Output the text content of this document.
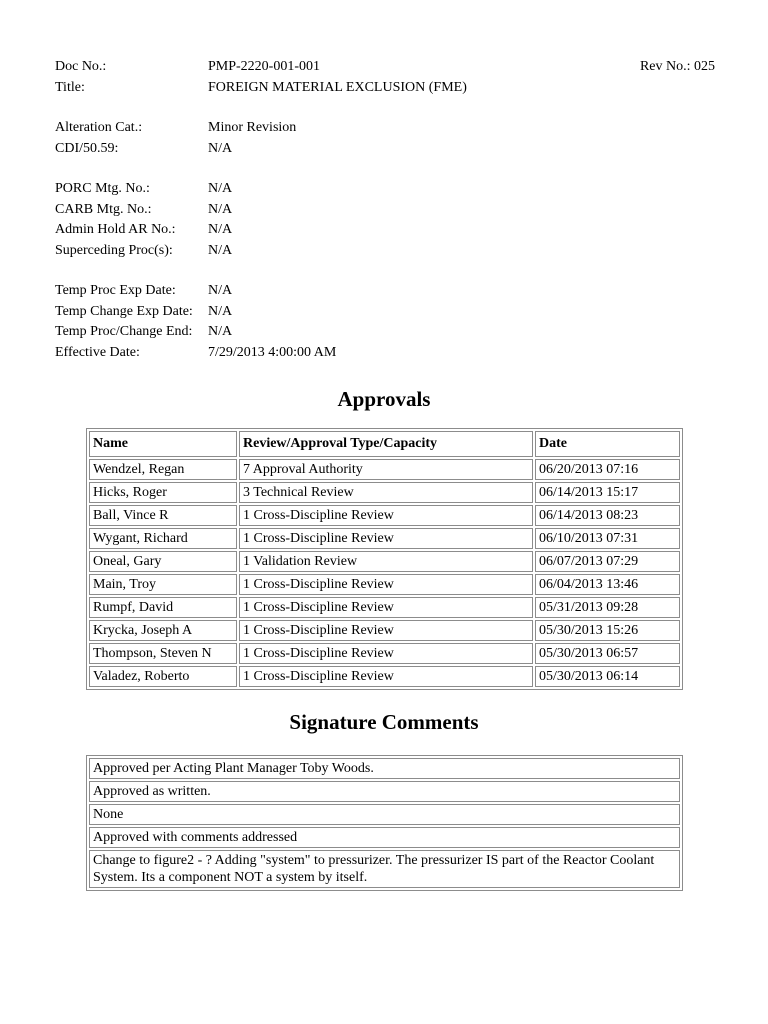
Doc No.:	PMP-2220-001-001	Rev No.: 025
Title:	FOREIGN MATERIAL EXCLUSION (FME)
Alteration Cat.:	Minor Revision
CDI/50.59:	N/A
PORC Mtg. No.:	N/A
CARB Mtg. No.:	N/A
Admin Hold AR No.: N/A
Superceding Proc(s):	N/A
Temp Proc Exp Date: N/A
Temp Change Exp Date: N/A
Temp Proc/Change End: N/A
Effective Date:	7/29/2013 4:00:00 AM
Approvals
Name	Review/Approval Type/Capacity	Date
Wendzel, Regan	7 Approval Authority	06/20/2013 07:16
Hicks, Roger	3 Technical Review	06/14/2013 15:17
Ball, Vince R	1 Cross-Discipline Review	06/14/2013 08:23
Wygant, Richard	1 Cross-Discipline Review	06/10/2013 07:31
Oneal, Gary	1 Validation Review	06/07/2013 07:29
Main, Troy	1 Cross-Discipline Review	06/04/2013 13:46
Rumpf, David	1 Cross-Discipline Review	05/31/2013 09:28
Krycka, Joseph A	1 Cross-Discipline Review	05/30/2013 15:26
Thompson, Steven N	1 Cross-Discipline Review	05/30/2013 06:57
Valadez, Roberto	1 Cross-Discipline Review	05/30/2013 06:14
Signature Comments
Approved per Acting Plant Manager Toby Woods.
Approved as written.
None
Approved with comments addressed
Change to figure2 - ? Adding "system" to pressurizer. The pressurizer IS part of the Reactor Coolant System. Its a component NOT a system by itself.
